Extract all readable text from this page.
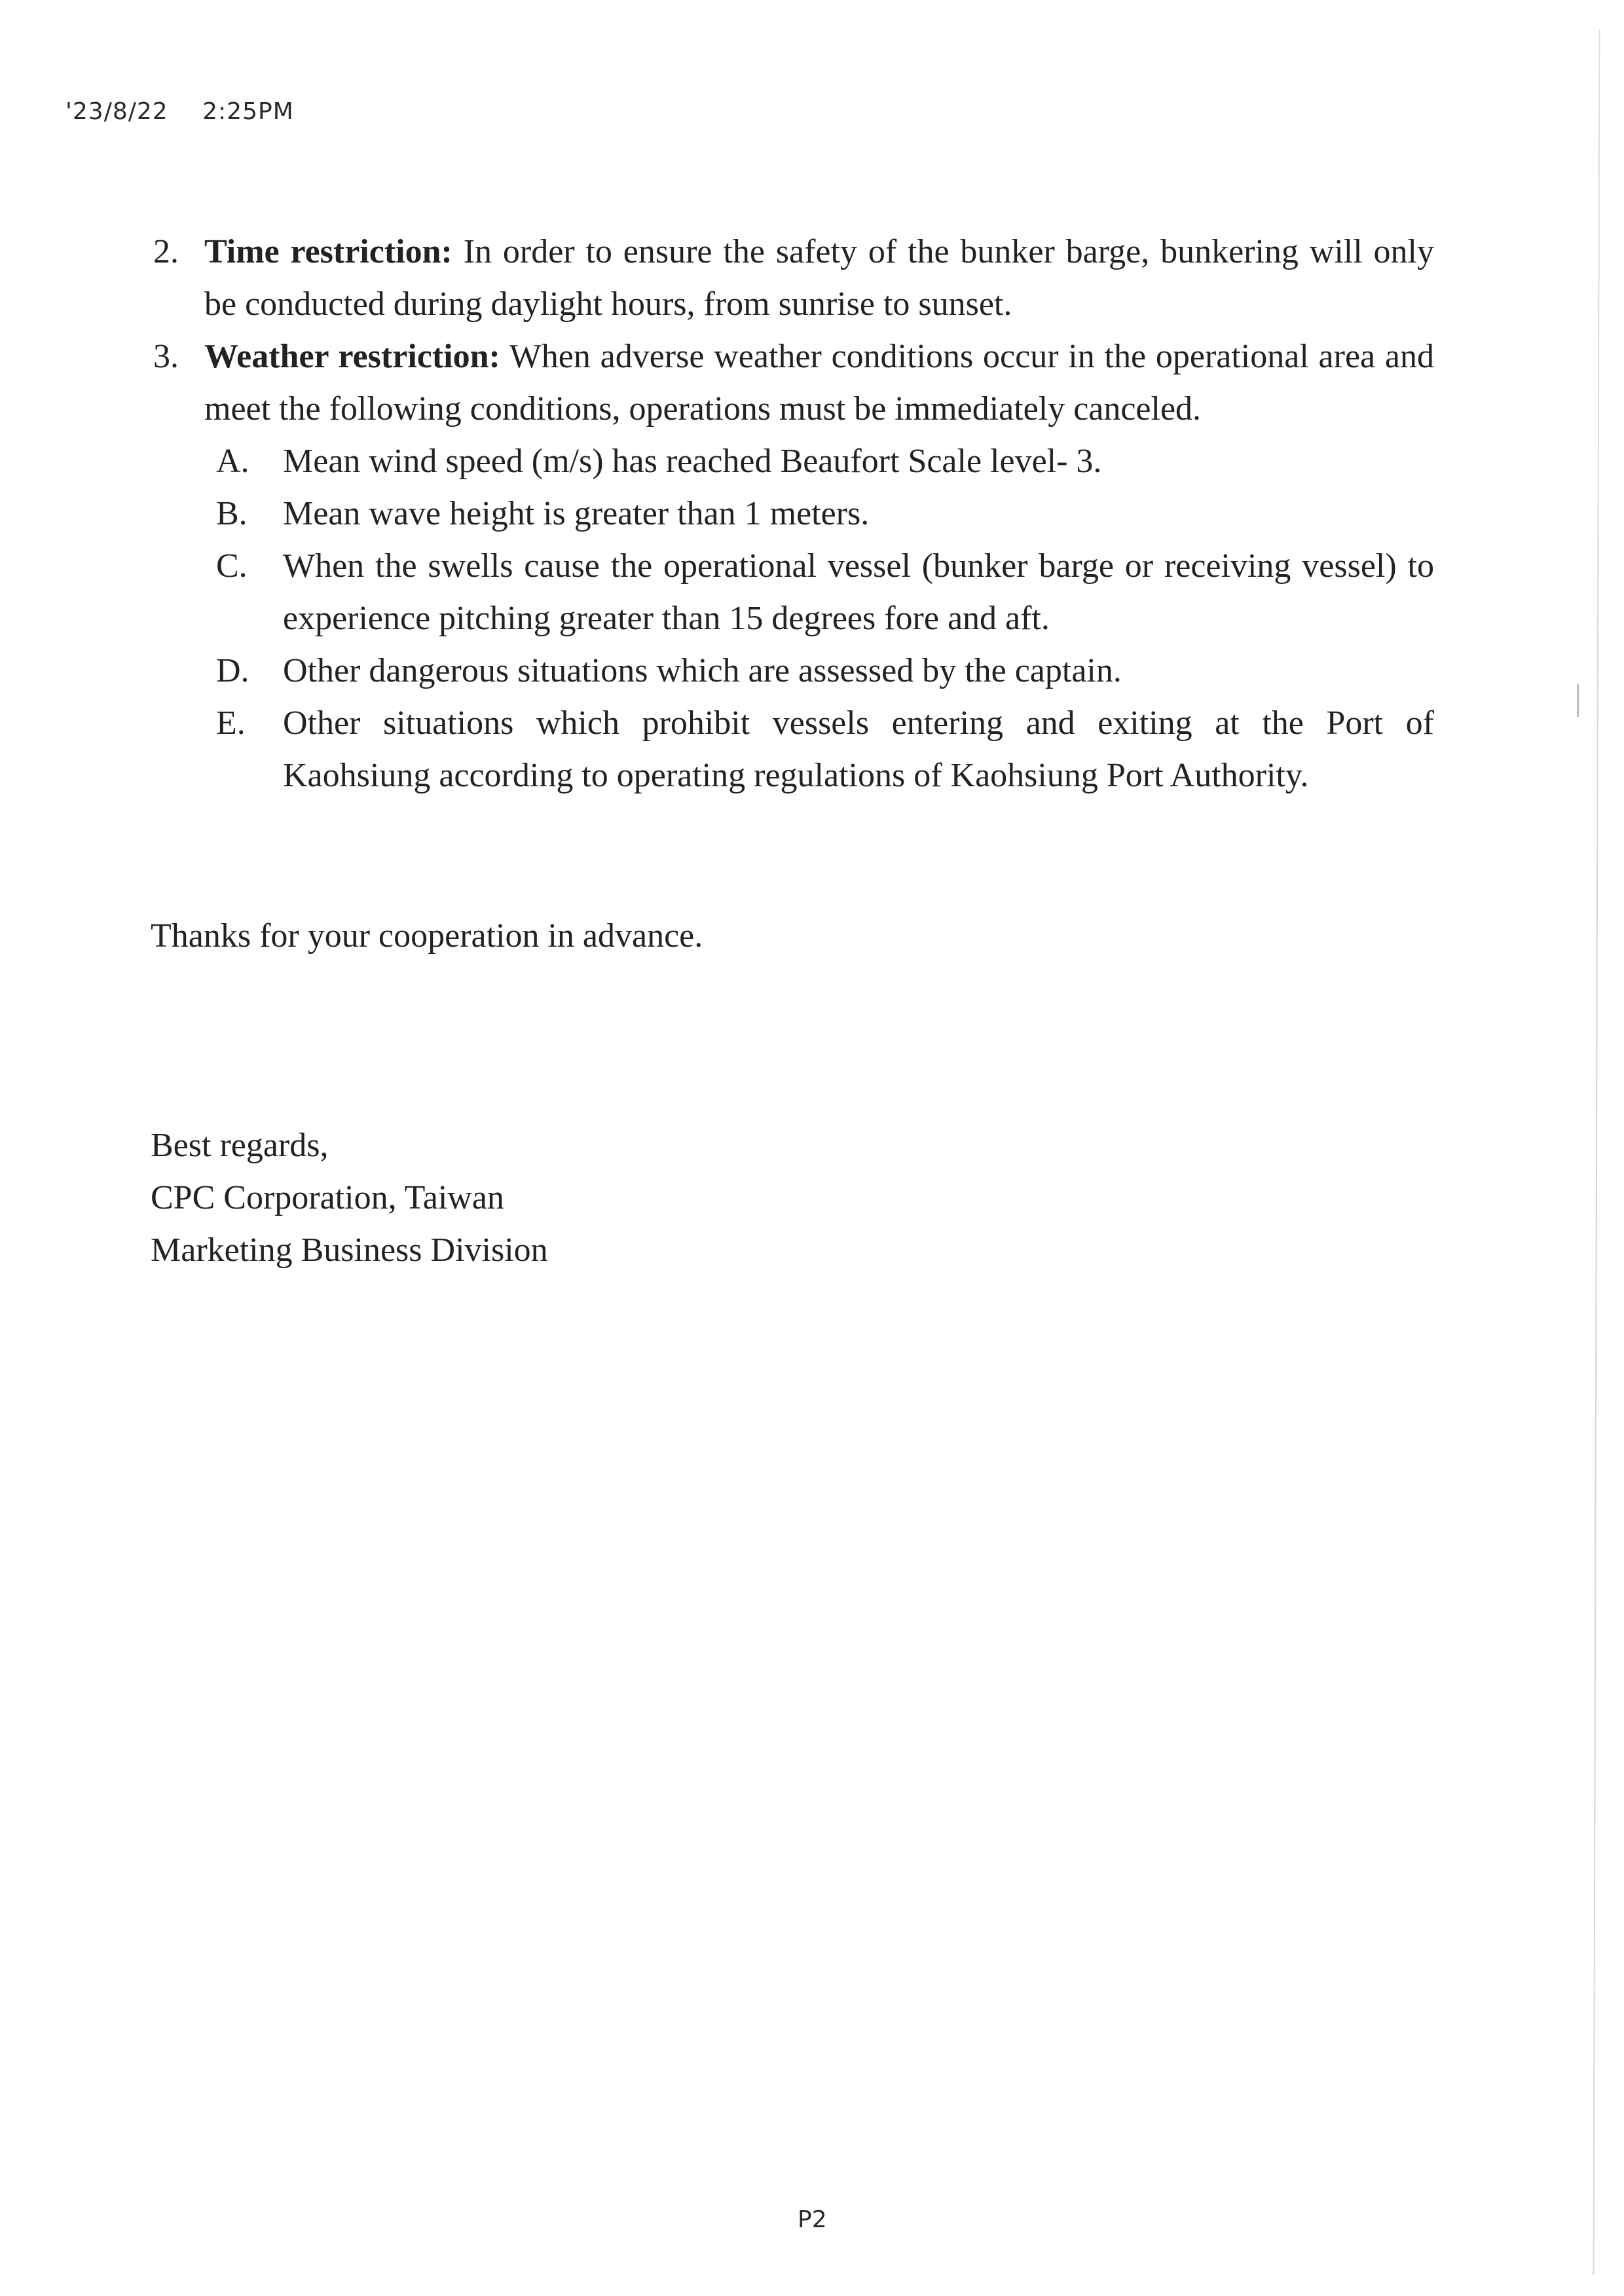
'23/8/22 2:25PM
2. Time restriction: In order to ensure the safety of the bunker barge, bunkering will only be conducted during daylight hours, from sunrise to sunset.
3. Weather restriction: When adverse weather conditions occur in the operational area and meet the following conditions, operations must be immediately canceled.
A. Mean wind speed (m/s) has reached Beaufort Scale level- 3.
B. Mean wave height is greater than 1 meters.
C. When the swells cause the operational vessel (bunker barge or receiving vessel) to experience pitching greater than 15 degrees fore and aft.
D. Other dangerous situations which are assessed by the captain.
E. Other situations which prohibit vessels entering and exiting at the Port of Kaohsiung according to operating regulations of Kaohsiung Port Authority.
Thanks for your cooperation in advance.
Best regards,
CPC Corporation, Taiwan
Marketing Business Division
P2
